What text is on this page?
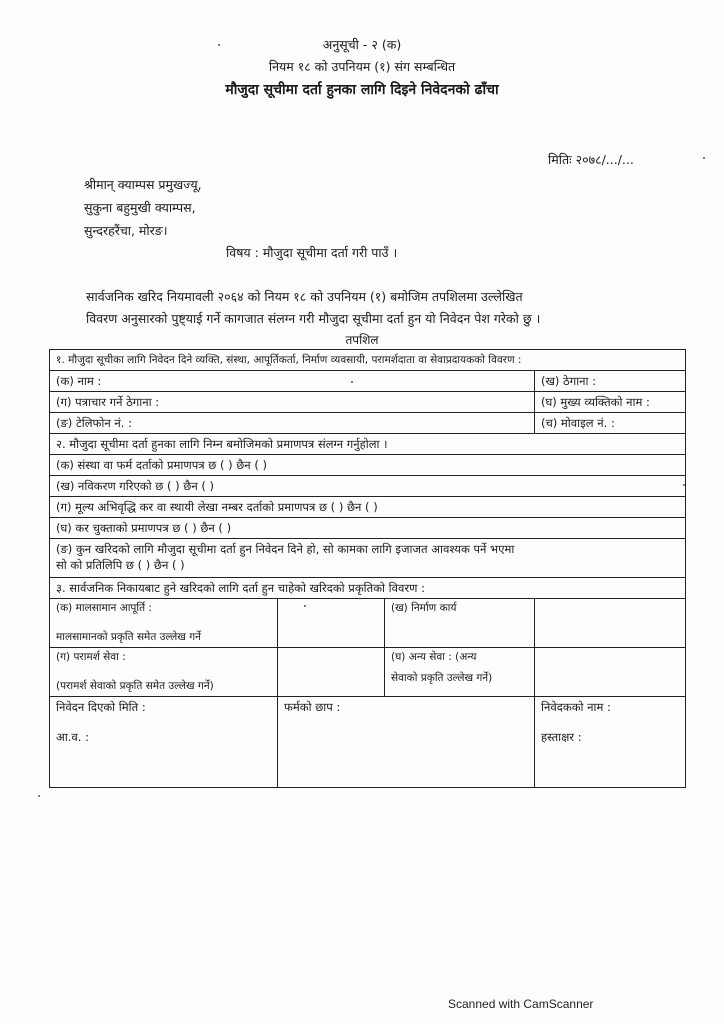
अनुसूची - २ (क)
नियम १८ को उपनियम (१) संग सम्बन्धित
मौजुदा सूचीमा दर्ता हुनका लागि दिइने निवेदनको ढाँचा
मितिः २०७८/.../...
श्रीमान् क्याम्पस प्रमुखज्यू,
सुकुना बहुमुखी क्याम्पस,
सुन्दरहरैंचा, मोरङ।
विषय : मौजुदा सूचीमा दर्ता गरी पाउँ ।
सार्वजनिक खरिद नियमावली २०६४ को नियम १८ को उपनियम (१) बमोजिम तपशिलमा उल्लेखित
विवरण अनुसारको पुष्ट्याई गर्ने कागजात संलग्न गरी मौजुदा सूचीमा दर्ता हुन यो निवेदन पेश गरेको छु ।
तपशिल
१. मौजुदा सूचीका लागि निवेदन दिने व्यक्ति, संस्था, आपूर्तिकर्ता, निर्माण व्यवसायी, परामर्शदाता वा सेवाप्रदायकको विवरण :			
(क) नाम :			(ख) ठेगाना :
(ग) पत्राचार गर्ने ठेगाना :			(घ) मुख्य व्यक्तिको नाम :
(ङ) टेलिफोन नं. :			(च) मोवाइल नं. :
२. मौजुदा सूचीमा दर्ता हुनका लागि निम्न बमोजिमको प्रमाणपत्र संलग्न गर्नुहोला ।			
(क) संस्था वा फर्म दर्ताको प्रमाणपत्र छ ( ) छैन ( )			
(ख) नविकरण गरिएको छ ( ) छैन ( )			
(ग) मूल्य अभिवृद्धि कर वा स्थायी लेखा नम्बर दर्ताको प्रमाणपत्र छ ( ) छैन ( )			
(घ) कर चुक्ताको प्रमाणपत्र छ ( ) छैन ( )			

(ङ) कुन खरिदको लागि मौजुदा सूचीमा दर्ता हुन निवेदन दिने हो, सो कामका लागि इजाजत आवश्यक पर्ने भएमा
सो को प्रतिलिपि छ ( ) छैन ( )			

३. सार्वजनिक निकायबाट हुने खरिदको लागि दर्ता हुन चाहेको खरिदको प्रकृतिको विवरण :			

(क) मालसामान आपूर्ति :
मालसामानको प्रकृति समेत उल्लेख गर्ने		(ख) निर्माण कार्य	

(ग) परामर्श सेवा :
(परामर्श सेवाको प्रकृति समेत उल्लेख गर्ने)		(घ) अन्य सेवा : (अन्य
सेवाको प्रकृति उल्लेख गर्ने)	

निवेदन दिएको मिति :
आ.व. :	फर्मको छाप :		निवेदकको नाम :
हस्ताक्षर :
Scanned with CamScanner
